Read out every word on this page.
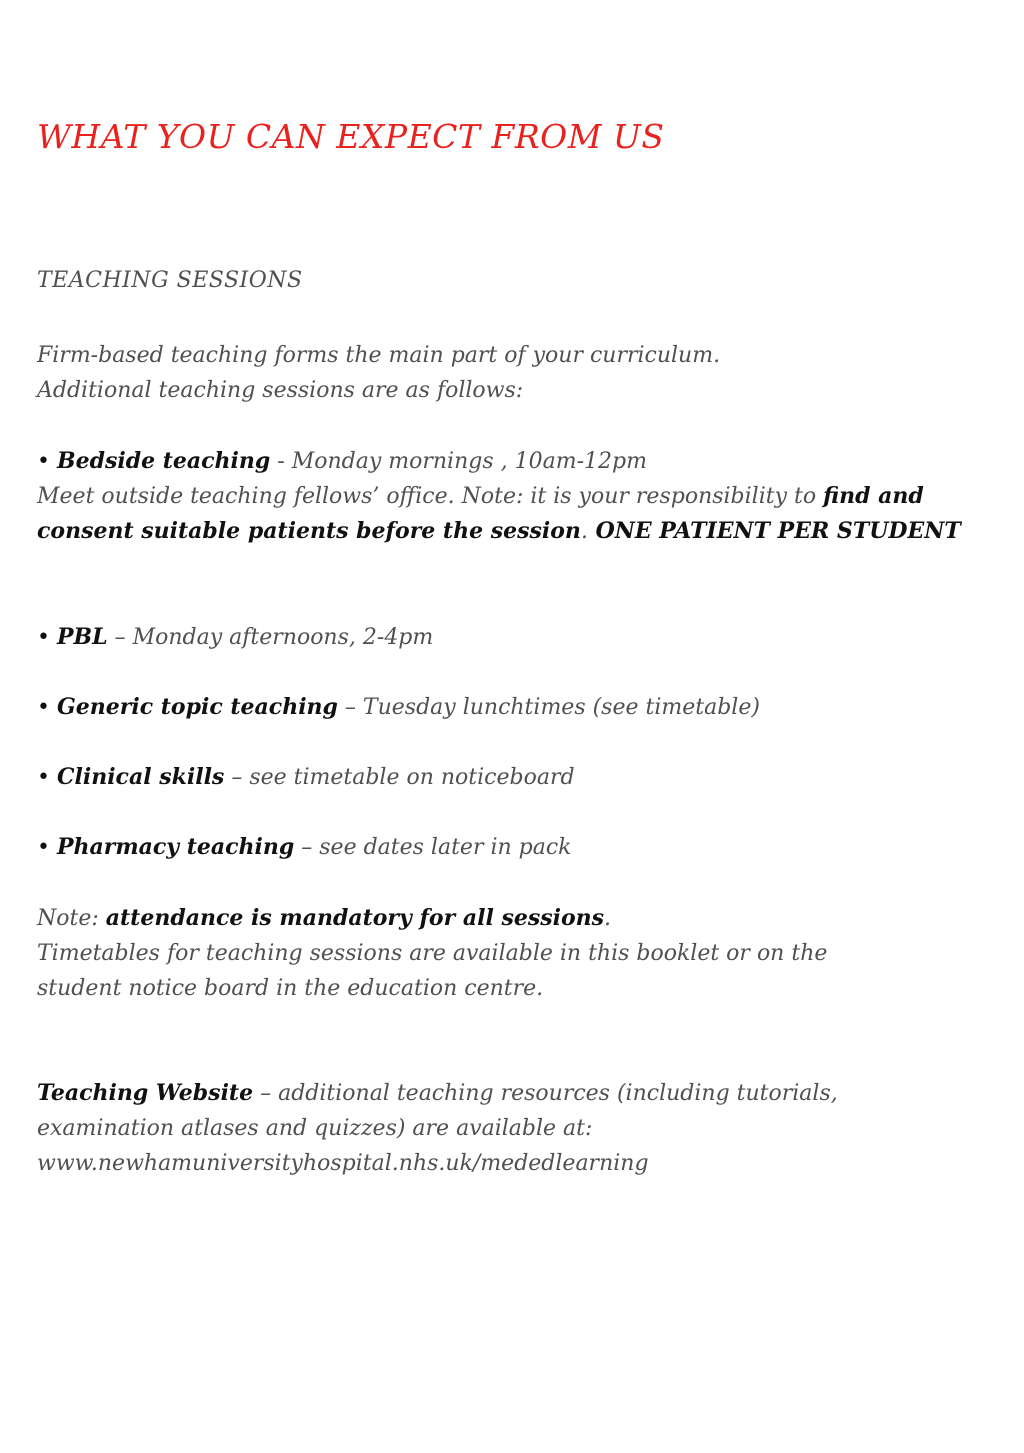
WHAT YOU CAN EXPECT FROM US
TEACHING SESSIONS

Firm-based teaching forms the main part of your curriculum.

Additional teaching sessions are as follows:

• Bedside teaching - Monday mornings , 10am-12pm

Meet outside teaching fellows’ office. Note: it is your responsibility to find and consent suitable patients before the session. ONE PATIENT PER STUDENT

• PBL – Monday afternoons, 2-4pm

• Generic topic teaching – Tuesday lunchtimes (see timetable)

• Clinical skills – see timetable on noticeboard

• Pharmacy teaching – see dates later in pack

Note: attendance is mandatory for all sessions.

Timetables for teaching sessions are available in this booklet or on the student notice board in the education centre.

Teaching Website – additional teaching resources (including tutorials, examination atlases and quizzes) are available at:

www.newhamuniversityhospital.nhs.uk/mededlearning
